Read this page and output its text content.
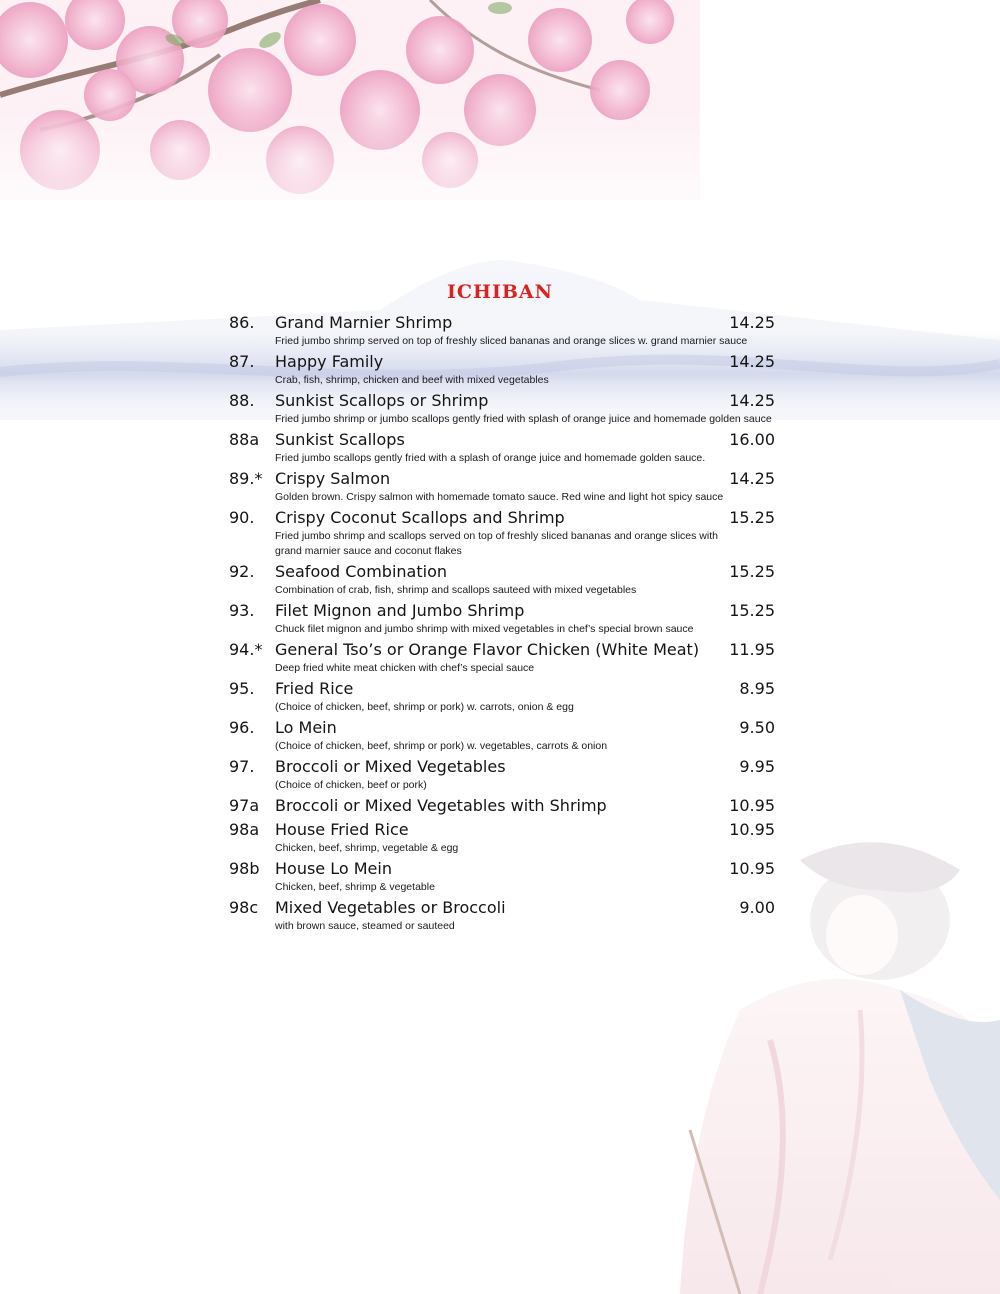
ICHIBAN
86. Grand Marnier Shrimp	14.25
Fried jumbo shrimp served on top of freshly sliced bananas and orange slices w. grand marnier sauce
87. Happy Family	14.25
Crab, fish, shrimp, chicken and beef with mixed vegetables
88. Sunkist Scallops or Shrimp	14.25
Fried jumbo shrimp or jumbo scallops gently fried with splash of orange juice and homemade golden sauce
88a Sunkist Scallops	16.00
Fried jumbo scallops gently fried with a splash of orange juice and homemade golden sauce.
89.* Crispy Salmon	14.25
Golden brown. Crispy salmon with homemade tomato sauce. Red wine and light hot spicy sauce
90. Crispy Coconut Scallops and Shrimp	15.25
Fried jumbo shrimp and scallops served on top of freshly sliced bananas and orange slices with
grand marnier sauce and coconut flakes
92. Seafood Combination	15.25
Combination of crab, fish, shrimp and scallops sauteed with mixed vegetables
93. Filet Mignon and Jumbo Shrimp	15.25
Chuck filet mignon and jumbo shrimp with mixed vegetables in chef’s special brown sauce
94.* General Tso’s or Orange Flavor Chicken (White Meat) 11.95
Deep fried white meat chicken with chef’s special sauce
95. Fried Rice	8.95
(Choice of chicken, beef, shrimp or pork) w. carrots, onion & egg
96. Lo Mein	9.50
(Choice of chicken, beef, shrimp or pork) w. vegetables, carrots & onion
97. Broccoli or Mixed Vegetables	9.95
(Choice of chicken, beef or pork)
97a Broccoli or Mixed Vegetables with Shrimp	10.95
98a House Fried Rice	10.95
Chicken, beef, shrimp, vegetable & egg
98b House Lo Mein	10.95
Chicken, beef, shrimp & vegetable
98c Mixed Vegetables or Broccoli	9.00
with brown sauce, steamed or sauteed
